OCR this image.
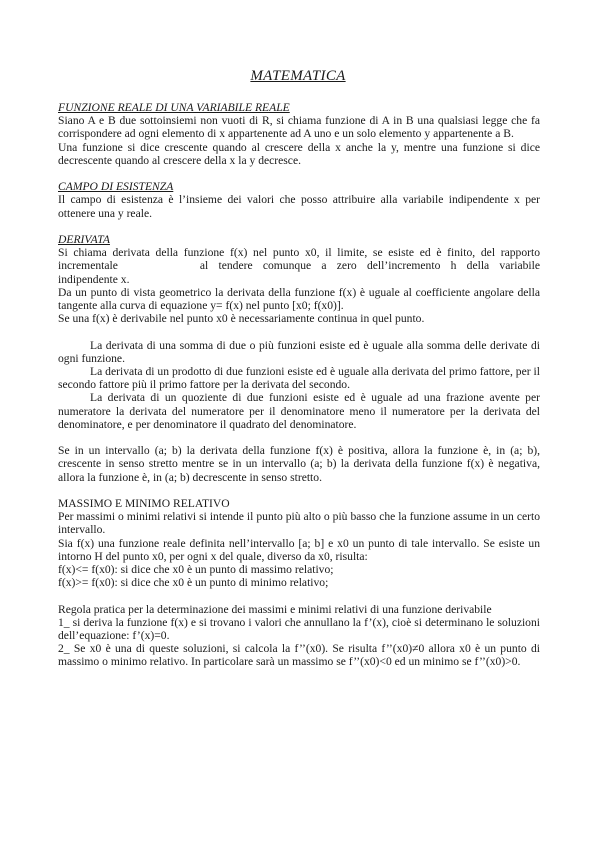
MATEMATICA

FUNZIONE REALE DI UNA VARIABILE REALE

Siano A e B due sottoinsiemi non vuoti di R, si chiama funzione di A in B una qualsiasi legge che fa corrispondere ad ogni elemento di x appartenente ad A uno e un solo elemento y appartenente a B.

Una funzione si dice crescente quando al crescere della x anche la y, mentre una funzione si dice decrescente quando al crescere della x la y decresce.

CAMPO DI ESISTENZA

Il campo di esistenza è l’insieme dei valori che posso attribuire alla variabile indipendente x per ottenere una y reale.

DERIVATA

Si chiama derivata della funzione f(x) nel punto x0, il limite, se esiste ed è finito, del rapporto incrementale	al tendere comunque a zero dell’incremento h della variabile indipendente x.

Da un punto di vista geometrico la derivata della funzione f(x) è uguale al coefficiente angolare della tangente alla curva di equazione y= f(x) nel punto [x0; f(x0)].

Se una f(x) è derivabile nel punto x0 è necessariamente continua in quel punto.

La derivata di una somma di due o più funzioni esiste ed è uguale alla somma delle derivate di ogni funzione.

La derivata di un prodotto di due funzioni esiste ed è uguale alla derivata del primo fattore, per il secondo fattore più il primo fattore per la derivata del secondo.

La derivata di un quoziente di due funzioni esiste ed è uguale ad una frazione avente per numeratore la derivata del numeratore per il denominatore meno il numeratore per la derivata del denominatore, e per denominatore il quadrato del denominatore.

Se in un intervallo (a; b) la derivata della funzione f(x) è positiva, allora la funzione è, in (a; b), crescente in senso stretto mentre se in un intervallo (a; b) la derivata della funzione f(x) è negativa, allora la funzione è, in (a; b) decrescente in senso stretto.

MASSIMO E MINIMO RELATIVO

Per massimi o minimi relativi si intende il punto più alto o più basso che la funzione assume in un certo intervallo.

Sia f(x) una funzione reale definita nell’intervallo [a; b] e x0 un punto di tale intervallo. Se esiste un intorno H del punto x0, per ogni x del quale, diverso da x0, risulta:

f(x)<= f(x0): si dice che x0 è un punto di massimo relativo;

f(x)>= f(x0): si dice che x0 è un punto di minimo relativo;

Regola pratica per la determinazione dei massimi e minimi relativi di una funzione derivabile

1_ si deriva la funzione f(x) e si trovano i valori che annullano la f’(x), cioè si determinano le soluzioni dell’equazione: f’(x)=0.

2_ Se x0 è una di queste soluzioni, si calcola la f’’(x0). Se risulta f’’(x0)≠0 allora x0 è un punto di massimo o minimo relativo. In particolare sarà un massimo se f’’(x0)<0 ed un minimo se f’’(x0)>0.
